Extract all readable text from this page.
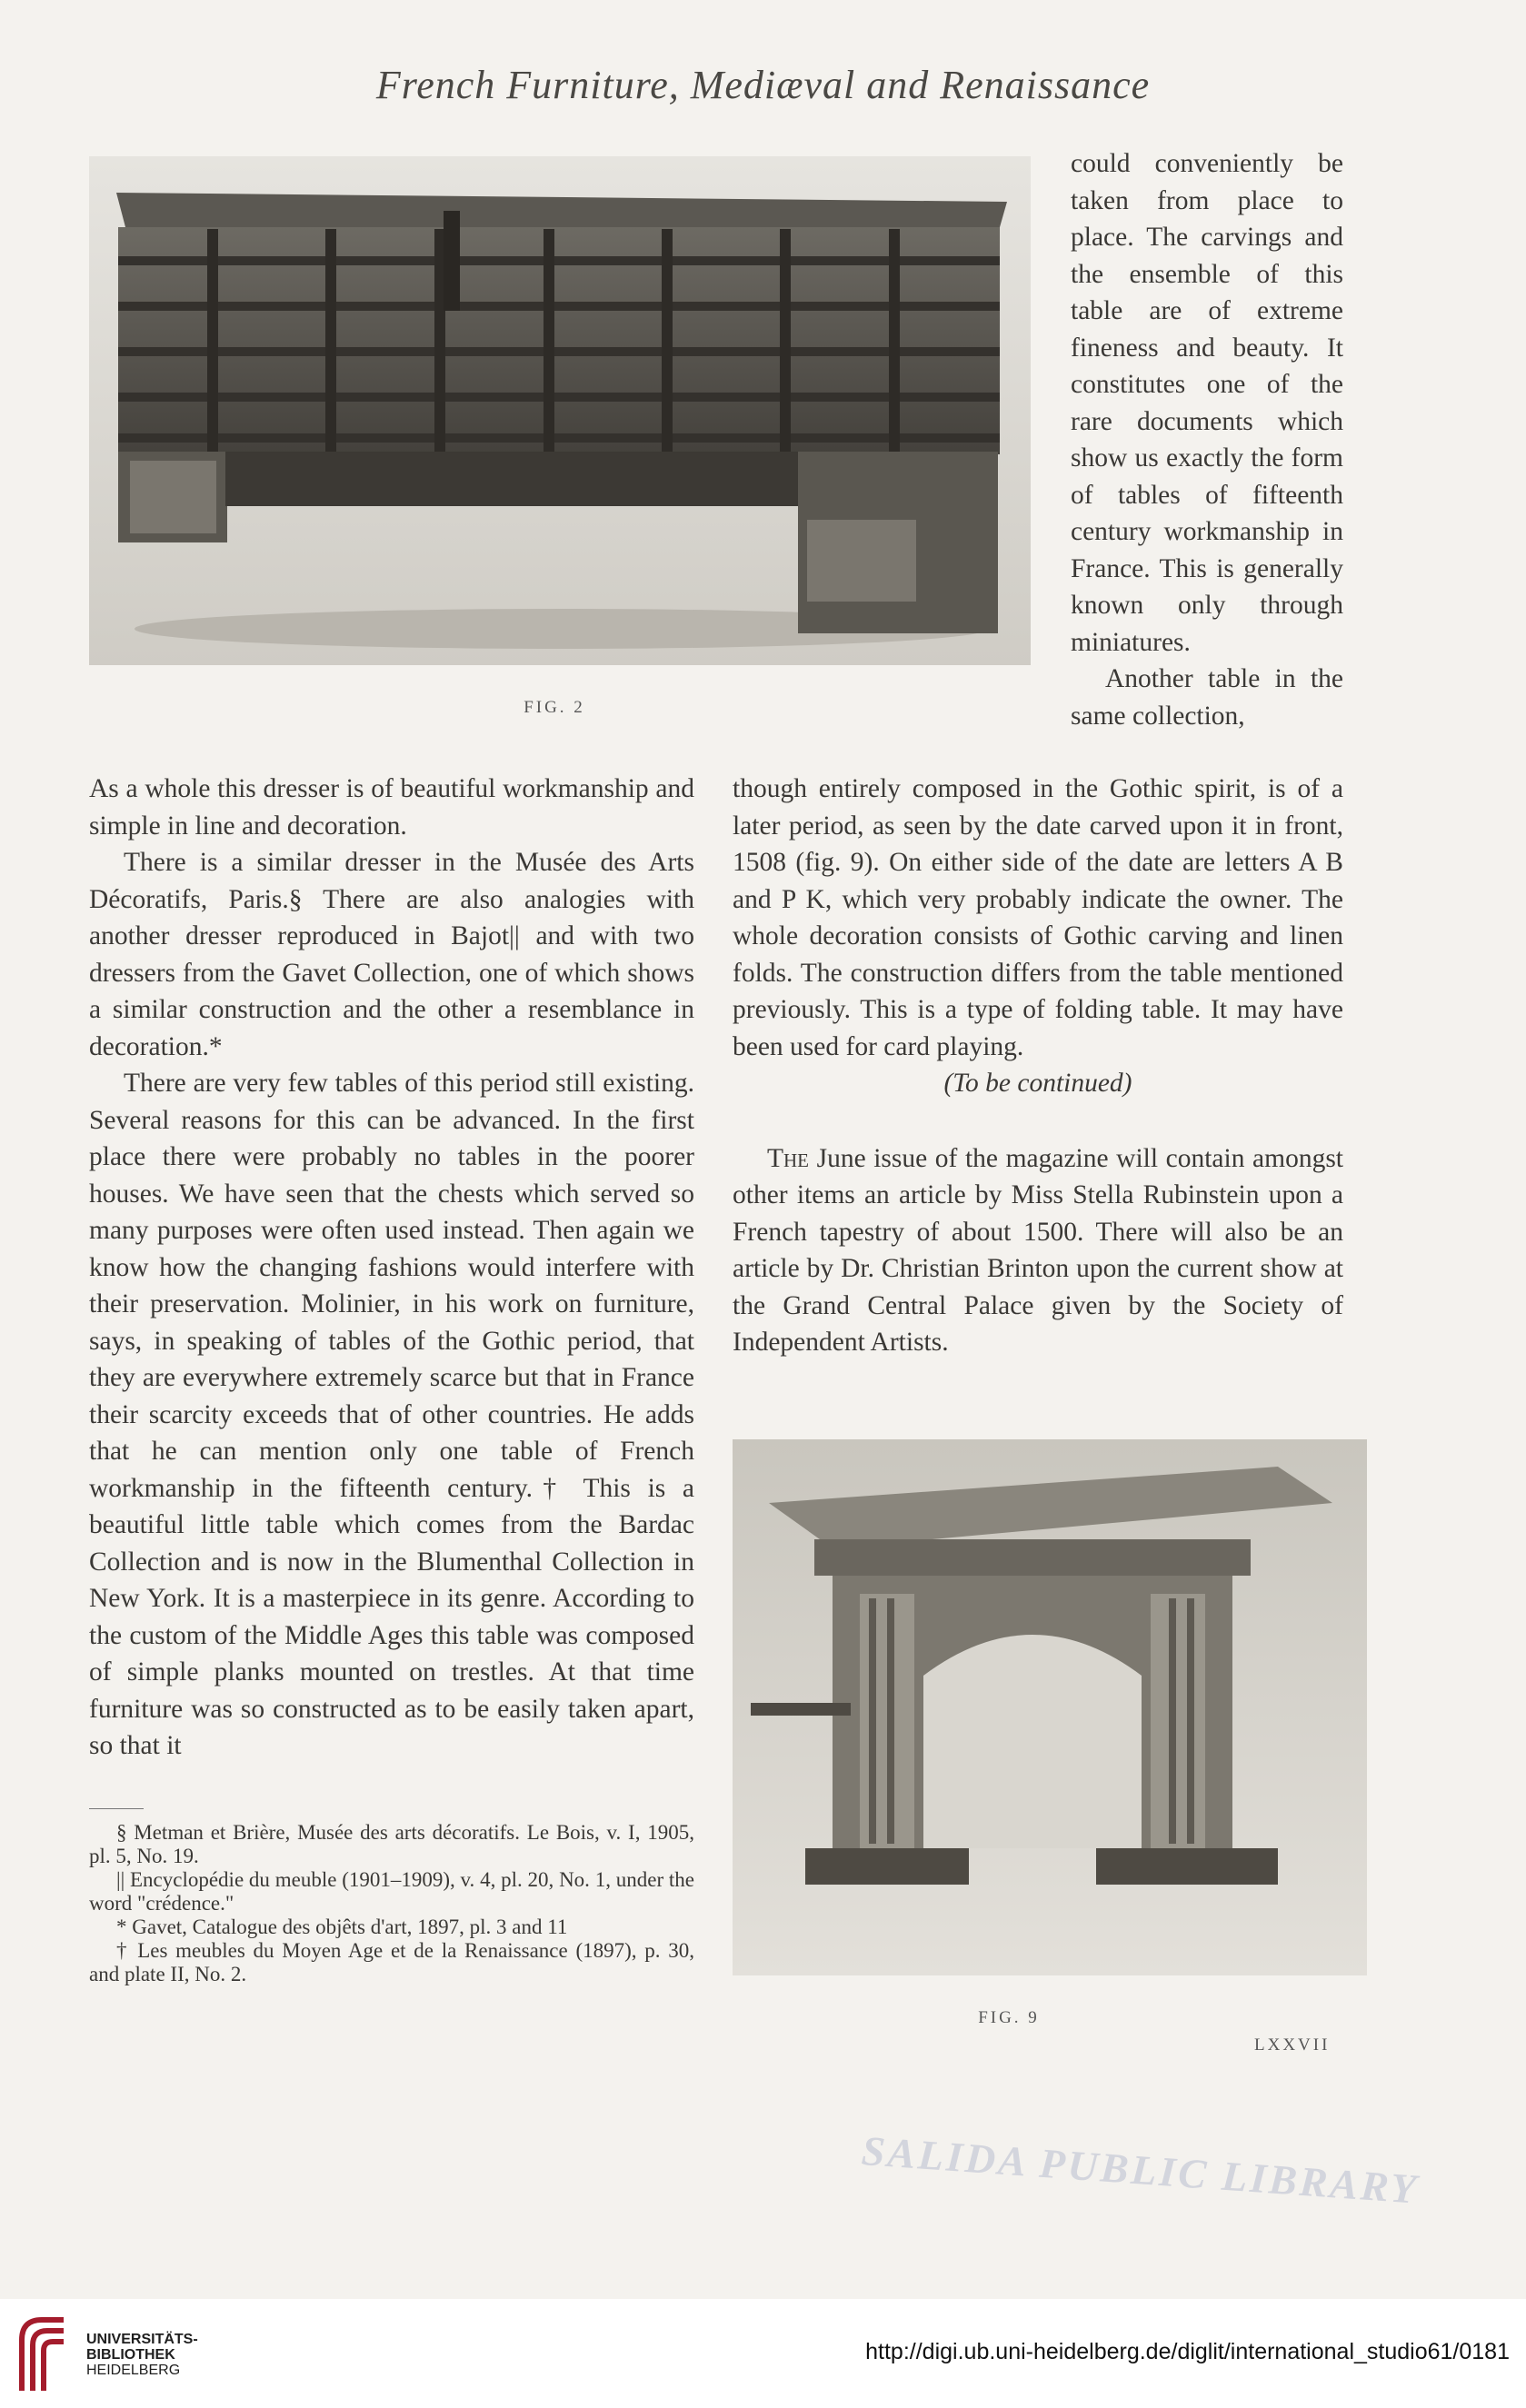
French Furniture, Mediæval and Renaissance
FIG. 2

could conveniently be taken from place to place. The carvings and the ensemble of this table are of extreme fineness and beauty. It constitutes one of the rare documents which show us exactly the form of tables of fifteenth century workmanship in France. This is generally known only through miniatures.

Another table in the same collection,

As a whole this dresser is of beautiful workmanship and simple in line and decoration.

There is a similar dresser in the Musée des Arts Décoratifs, Paris.§ There are also analogies with another dresser reproduced in Bajot|| and with two dressers from the Gavet Collection, one of which shows a similar construction and the other a resemblance in decoration.*

There are very few tables of this period still existing. Several reasons for this can be advanced. In the first place there were probably no tables in the poorer houses. We have seen that the chests which served so many purposes were often used instead. Then again we know how the changing fashions would interfere with their preservation. Molinier, in his work on furniture, says, in speaking of tables of the Gothic period, that they are everywhere extremely scarce but that in France their scarcity exceeds that of other countries. He adds that he can mention only one table of French workmanship in the fifteenth century.† This is a beautiful little table which comes from the Bardac Collection and is now in the Blumenthal Collection in New York. It is a masterpiece in its genre. According to the custom of the Middle Ages this table was composed of simple planks mounted on trestles. At that time furniture was so constructed as to be easily taken apart, so that it

§ Metman et Brière, Musée des arts décoratifs. Le Bois, v. I, 1905, pl. 5, No. 19.

|| Encyclopédie du meuble (1901–1909), v. 4, pl. 20, No. 1, under the word "crédence."

* Gavet, Catalogue des objêts d'art, 1897, pl. 3 and 11

† Les meubles du Moyen Age et de la Renaissance (1897), p. 30, and plate II, No. 2.

though entirely composed in the Gothic spirit, is of a later period, as seen by the date carved upon it in front, 1508 (fig. 9). On either side of the date are letters A B and P K, which very probably indicate the owner. The whole decoration consists of Gothic carving and linen folds. The construction differs from the table mentioned previously. This is a type of folding table. It may have been used for card playing.

(To be continued)

The June issue of the magazine will contain amongst other items an article by Miss Stella Rubinstein upon a French tapestry of about 1500. There will also be an article by Dr. Christian Brinton upon the current show at the Grand Central Palace given by the Society of Independent Artists.

FIG. 9
LXXVII
SALIDA PUBLIC LIBRARY
UNIVERSITÄTS-
BIBLIOTHEK
HEIDELBERG
http://digi.ub.uni-heidelberg.de/diglit/international_studio61/0181
